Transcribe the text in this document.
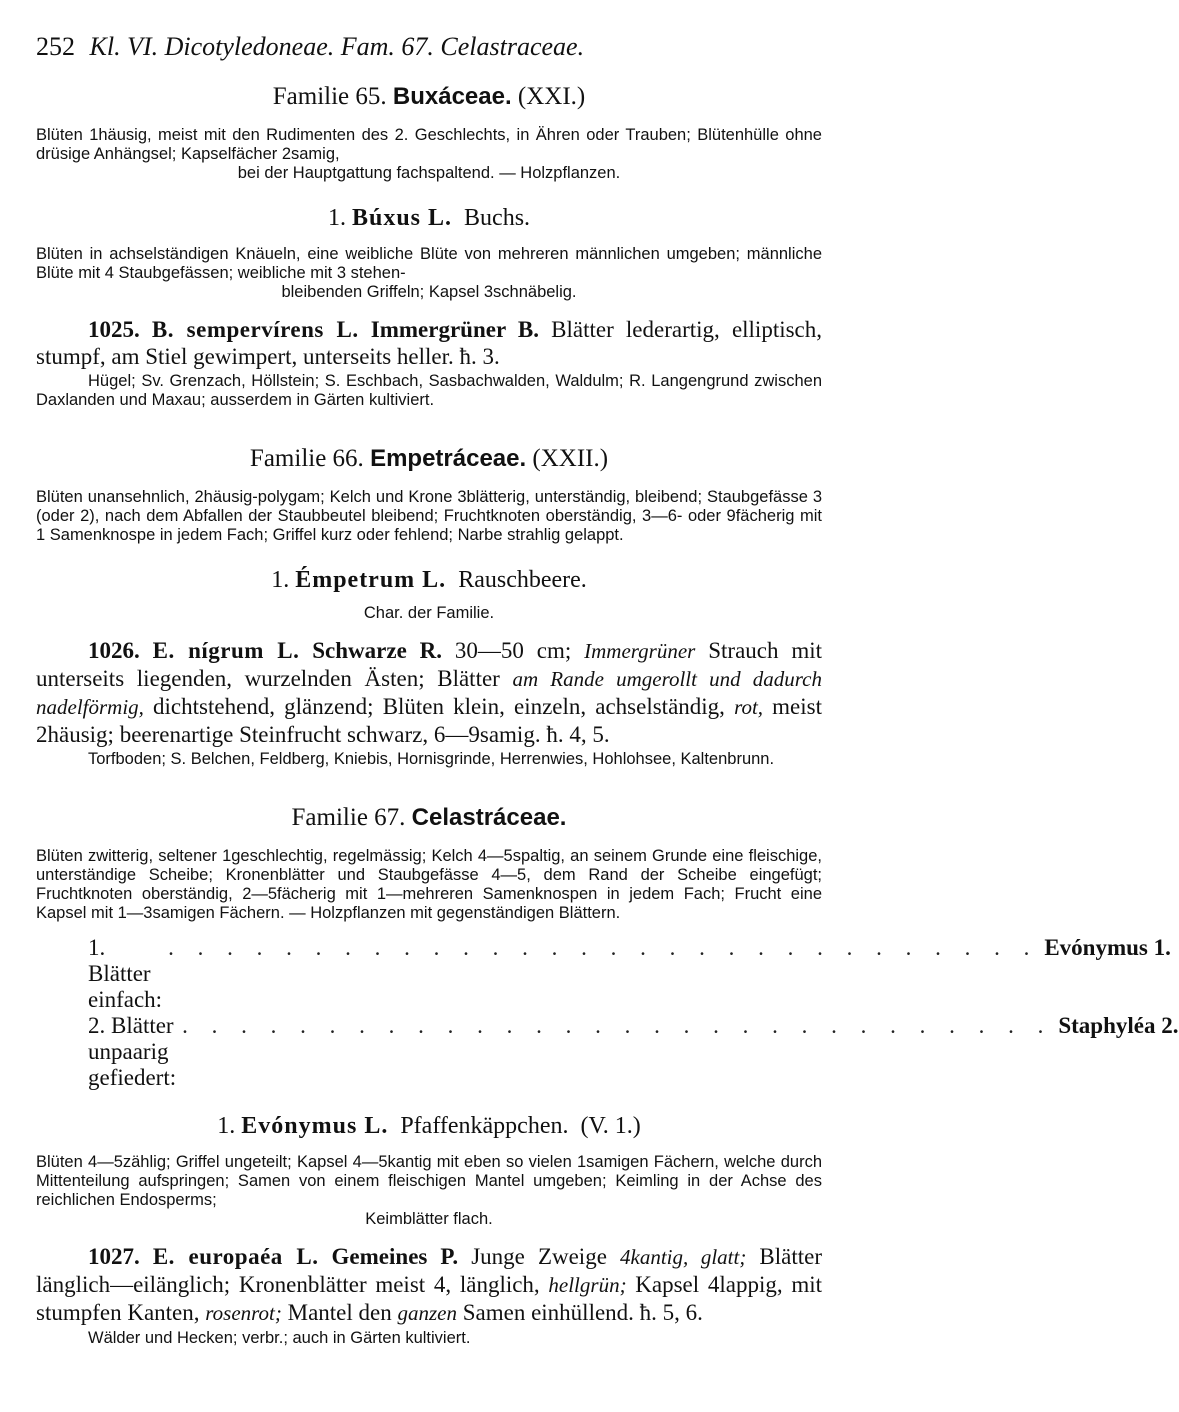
252 Kl. VI. Dicotyledoneae. Fam. 67. Celastraceae.
Familie 65. Buxáceae. (XXI.)

Blüten 1häusig, meist mit den Rudimenten des 2. Geschlechts, in Ähren oder Trauben; Blütenhülle ohne drüsige Anhängsel; Kapselfächer 2samig,
bei der Hauptgattung fachspaltend. — Holzpflanzen.

1. Búxus L. Buchs.

Blüten in achselständigen Knäueln, eine weibliche Blüte von mehreren männlichen umgeben; männliche Blüte mit 4 Staubgefässen; weibliche mit 3 stehen-
bleibenden Griffeln; Kapsel 3schnäbelig.

1025. B. sempervírens L. Immergrüner B. Blätter lederartig, elliptisch, stumpf, am Stiel gewimpert, unterseits heller. ħ. 3.

Hügel; Sv. Grenzach, Höllstein; S. Eschbach, Sasbachwalden, Waldulm; R. Langengrund zwischen Daxlanden und Maxau; ausserdem in Gärten kultiviert.

Familie 66. Empetráceae. (XXII.)

Blüten unansehnlich, 2häusig-polygam; Kelch und Krone 3blätterig, unterständig, bleibend; Staubgefässe 3 (oder 2), nach dem Abfallen der Staubbeutel bleibend; Fruchtknoten oberständig, 3—6- oder 9fächerig mit 1 Samenknospe in jedem Fach; Griffel kurz oder fehlend; Narbe strahlig gelappt.

1. Émpetrum L. Rauschbeere.
Char. der Familie.

1026. E. nígrum L. Schwarze R. 30—50 cm; Immergrüner Strauch mit unterseits liegenden, wurzelnden Ästen; Blätter am Rande umgerollt und dadurch nadelförmig, dichtstehend, glänzend; Blüten klein, einzeln, achselständig, rot, meist 2häusig; beerenartige Steinfrucht schwarz, 6—9samig. ħ. 4, 5.

Torfboden; S. Belchen, Feldberg, Kniebis, Hornisgrinde, Herrenwies, Hohlohsee, Kaltenbrunn.

Familie 67. Celastráceae.

Blüten zwitterig, seltener 1geschlechtig, regelmässig; Kelch 4—5spaltig, an seinem Grunde eine fleischige, unterständige Scheibe; Kronenblätter und Staubgefässe 4—5, dem Rand der Scheibe eingefügt; Fruchtknoten oberständig, 2—5fächerig mit 1—mehreren Samenknospen in jedem Fach; Frucht eine Kapsel mit 1—3samigen Fächern. — Holzpflanzen mit gegenständigen Blättern.

1. Blätter einfach:
. . . . . . . . . . . . . . . . . . . . . . . . . . . . . . Evónymus 1.
2. Blätter unpaarig gefiedert:
. . . . . . . . . . . . . . . . . . . . . . . . . . . . . . Staphyléa 2.
1. Evónymus L. Pfaffenkäppchen. (V. 1.)

Blüten 4—5zählig; Griffel ungeteilt; Kapsel 4—5kantig mit eben so vielen 1samigen Fächern, welche durch Mittenteilung aufspringen; Samen von einem fleischigen Mantel umgeben; Keimling in der Achse des reichlichen Endosperms;
Keimblätter flach.

1027. E. europaéa L. Gemeines P. Junge Zweige 4kantig, glatt; Blätter länglich—eilänglich; Kronenblätter meist 4, länglich, hellgrün; Kapsel 4lappig, mit stumpfen Kanten, rosenrot; Mantel den ganzen Samen einhüllend. ħ. 5, 6.

Wälder und Hecken; verbr.; auch in Gärten kultiviert.
